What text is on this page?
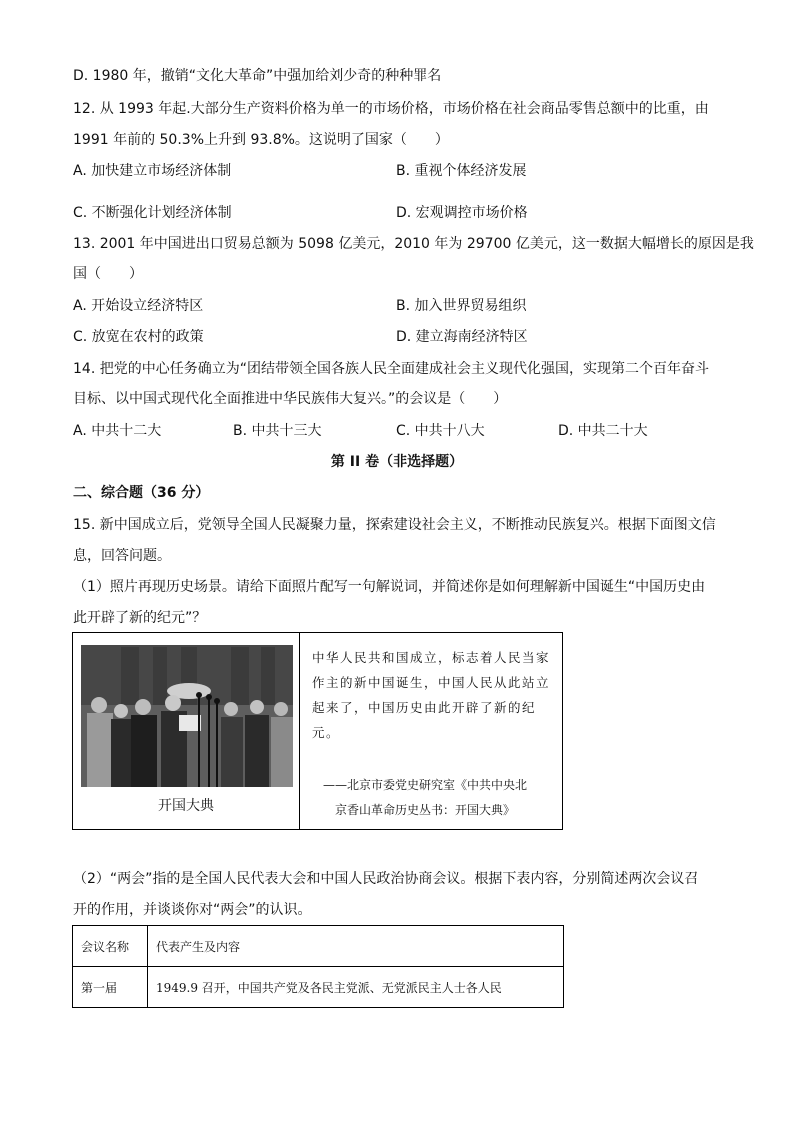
D. 1980 年，撤销“文化大革命”中强加给刘少奇的种种罪名
12. 从 1993 年起.大部分生产资料价格为单一的市场价格，市场价格在社会商品零售总额中的比重，由
1991 年前的 50.3%上升到 93.8%。这说明了国家（　　）
A. 加快建立市场经济体制	B. 重视个体经济发展
C. 不断强化计划经济体制	D. 宏观调控市场价格
13. 2001 年中国进出口贸易总额为 5098 亿美元，2010 年为 29700 亿美元，这一数据大幅增长的原因是我
国（　　）
A. 开始设立经济特区	B. 加入世界贸易组织
C. 放宽在农村的政策	D. 建立海南经济特区
14. 把党的中心任务确立为“团结带领全国各族人民全面建成社会主义现代化强国，实现第二个百年奋斗
目标、以中国式现代化全面推进中华民族伟大复兴。”的会议是（　　）
A. 中共十二大	B. 中共十三大	C. 中共十八大	D. 中共二十大
第 II 卷（非选择题）
二、综合题（36 分）
15. 新中国成立后，党领导全国人民凝聚力量，探索建设社会主义，不断推动民族复兴。根据下面图文信
息，回答问题。
（1）照片再现历史场景。请给下面照片配写一句解说词，并简述你是如何理解新中国诞生“中国历史由
此开辟了新的纪元”？
开国大典

中华人民共和国成立，标志着人民当家

作主的新中国诞生，中国人民从此站立

起来了，中国历史由此开辟了新的纪

元。

——北京市委党史研究室《中共中央北
京香山革命历史丛书：开国大典》
（2）“两会”指的是全国人民代表大会和中国人民政治协商会议。根据下表内容，分别简述两次会议召
开的作用，并谈谈你对“两会”的认识。
会议名称	代表产生及内容
第一届	1949.9 召开，中国共产党及各民主党派、无党派民主人士各人民
